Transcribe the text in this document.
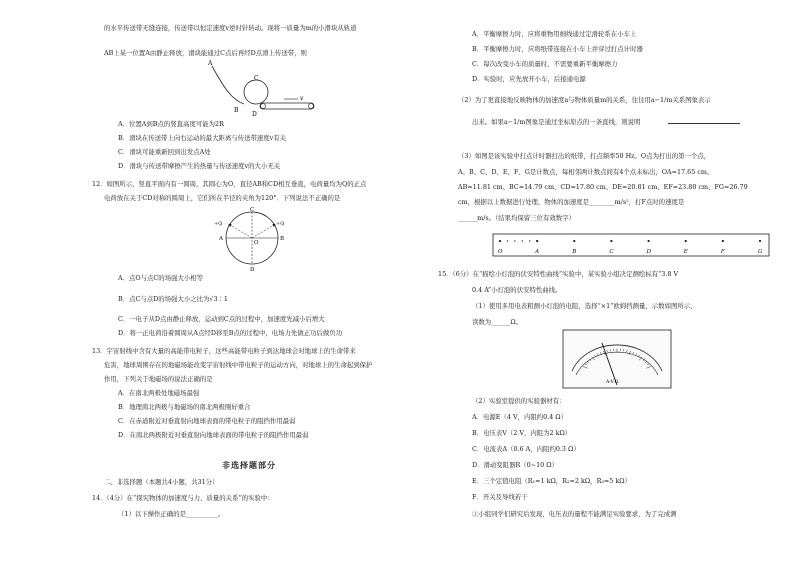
的水平传送带无缝连接，传送带以恒定速度v逆时针转动。现将一质量为m的小滑块从轨道
AB上某一位置A由静止释放，滑块能通过C点后再经D点滑上传送带，则
A
B
C
D
v
A．位置A到B点的竖直高度可能为2R
B．滑块在传送带上向右运动的最大距离与传送带速度v有关
C．滑块可能重新回到出发点A处
D．滑块与传送带摩擦产生的热量与传送速度v的大小无关
12．如图所示，竖直平面内有一圆周，其圆心为O，直径AB和CD相互垂直，电荷量均为Q的正点
电荷放在关于CD对称的圆周上，它们所在半径的夹角为120°．下列说法不正确的是
C
A
O
B
D
+Q	+Q
A．点O与点C的场强大小相等
B．点C与点D的场强大小之比为√3∶1
C．一电子从D点由静止释放，运动到C点的过程中，加速度先减小后增大
D．将一正电荷沿着圆周从A点经D移至B点的过程中，电场力先做正功后做负功
13．宇宙射线中含有大量的高能带电粒子，这些高能带电粒子到达地球会对地球上的生命带来
危害，地球周围存在的地磁场能改变宇宙射线中带电粒子的运动方向，对地球上的生命起到保护
作用，下列关于地磁场的说法正确的是
A．在南北两极处地磁场最强
B．地理南北两极与地磁场的南北两极刚好重合
C．在赤道附近对垂直射向地球表面的带电粒子的阻挡作用最弱
D．在南北两极附近对垂直射向地球表面的带电粒子的阻挡作用最弱
非选择题部分
二、非选择题（本题共4小题，共31分）
14．（4分）在“探究物体的加速度与力、质量的关系”的实验中：
（1）以下操作正确的是__________。
A．平衡摩擦力时，应将重物用细线通过定滑轮系在小车上
B．平衡摩擦力时，应将纸带连接在小车上并穿过打点计时器
C．每次改变小车的质量时，不需要重新平衡摩擦力
D．实验时，应先放开小车，后接通电源
（2）为了更直接地反映物体的加速度a与物体质量m的关系，往往用a−1/m关系图象表示
出来。如果a−1/m图象是通过坐标原点的一条直线，则说明
（3）如图是该实验中打点计时器打出的纸带，打点频率50 Hz。O点为打出的第一个点，
A、B、C、D、E、F、G是计数点，每相邻两计数点间有4个点未标出，OA=17.65 cm、
AB=11.81 cm、BC=14.79 cm、CD=17.80 cm、DE=20.81 cm、EF=23.80 cm、FG=26.79
cm，根据以上数据进行处理，物体的加速度是________m/s²，打F点时的速度是
______m/s。（结果均保留三位有效数字）
O	A	B	C	D	E	F	G
15．（6分）在“描绘小灯泡的伏安特性曲线”实验中，某实验小组决定测绘标有“3.8 V
0.4 A”小灯泡的伏安特性曲线。
（1）使用多用电表粗测小灯泡的电阻，选择“×1”欧姆挡测量，示数如图所示，
读数为______Ω。
A-V-Ω
（2）实验室提供的实验器材有：
A．电源E（4 V，内阻约0.4 Ω）
B．电压表V（2 V，内阻为2 kΩ）
C．电流表A（0.6 A，内阻约0.3 Ω）
D．滑动变阻器R（0~10 Ω）
E．三个定值电阻（R₁=1 kΩ，R₂=2 kΩ，R₃=5 kΩ）
F．开关及导线若干
①小组同学们研究后发现，电压表的量程不能满足实验要求，为了完成测
